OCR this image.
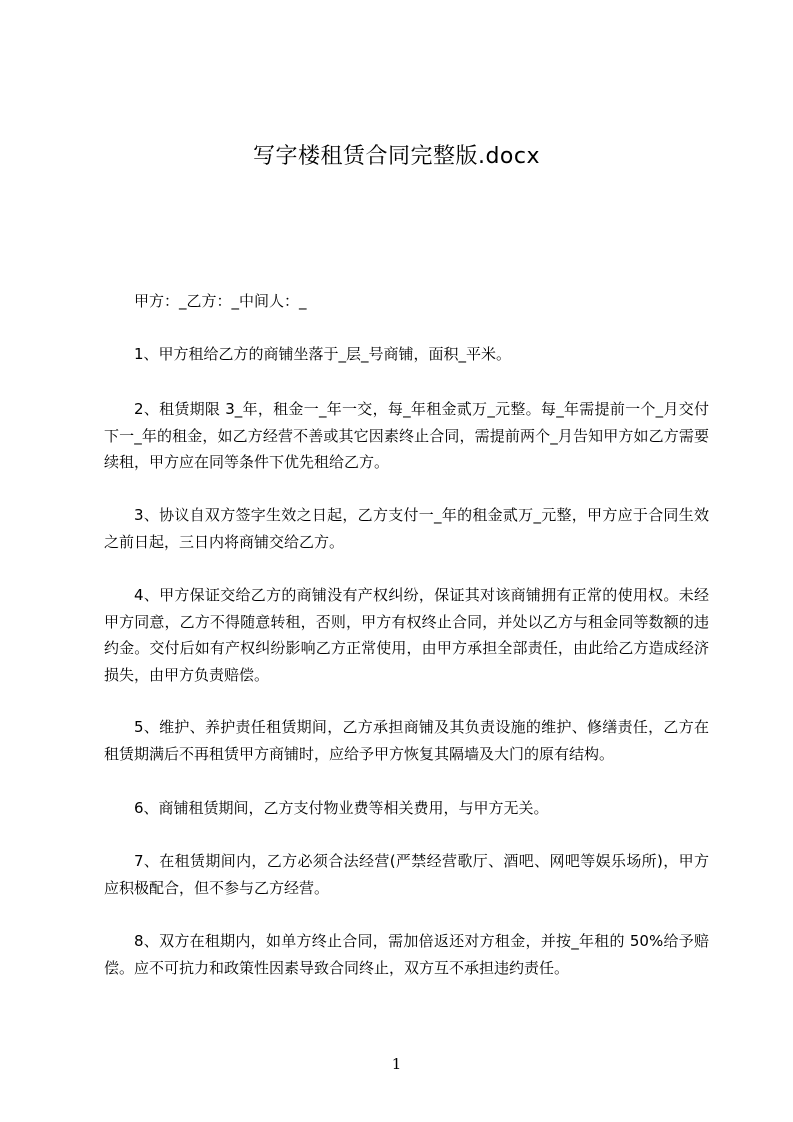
写字楼租赁合同完整版.docx

甲方：_乙方：_中间人：_

1、甲方租给乙方的商铺坐落于_层_号商铺，面积_平米。

2、租赁期限 3_年，租金一_年一交，每_年租金贰万_元整。每_年需提前一个_月交付下一_年的租金，如乙方经营不善或其它因素终止合同，需提前两个_月告知甲方如乙方需要续租，甲方应在同等条件下优先租给乙方。

3、协议自双方签字生效之日起，乙方支付一_年的租金贰万_元整，甲方应于合同生效之前日起，三日内将商铺交给乙方。

4、甲方保证交给乙方的商铺没有产权纠纷，保证其对该商铺拥有正常的使用权。未经甲方同意，乙方不得随意转租，否则，甲方有权终止合同，并处以乙方与租金同等数额的违约金。交付后如有产权纠纷影响乙方正常使用，由甲方承担全部责任，由此给乙方造成经济损失，由甲方负责赔偿。

5、维护、养护责任租赁期间，乙方承担商铺及其负责设施的维护、修缮责任，乙方在租赁期满后不再租赁甲方商铺时，应给予甲方恢复其隔墙及大门的原有结构。

6、商铺租赁期间，乙方支付物业费等相关费用，与甲方无关。

7、在租赁期间内，乙方必须合法经营(严禁经营歌厅、酒吧、网吧等娱乐场所)，甲方应积极配合，但不参与乙方经营。

8、双方在租期内，如单方终止合同，需加倍返还对方租金，并按_年租的 50%给予赔偿。应不可抗力和政策性因素导致合同终止，双方互不承担违约责任。

1
